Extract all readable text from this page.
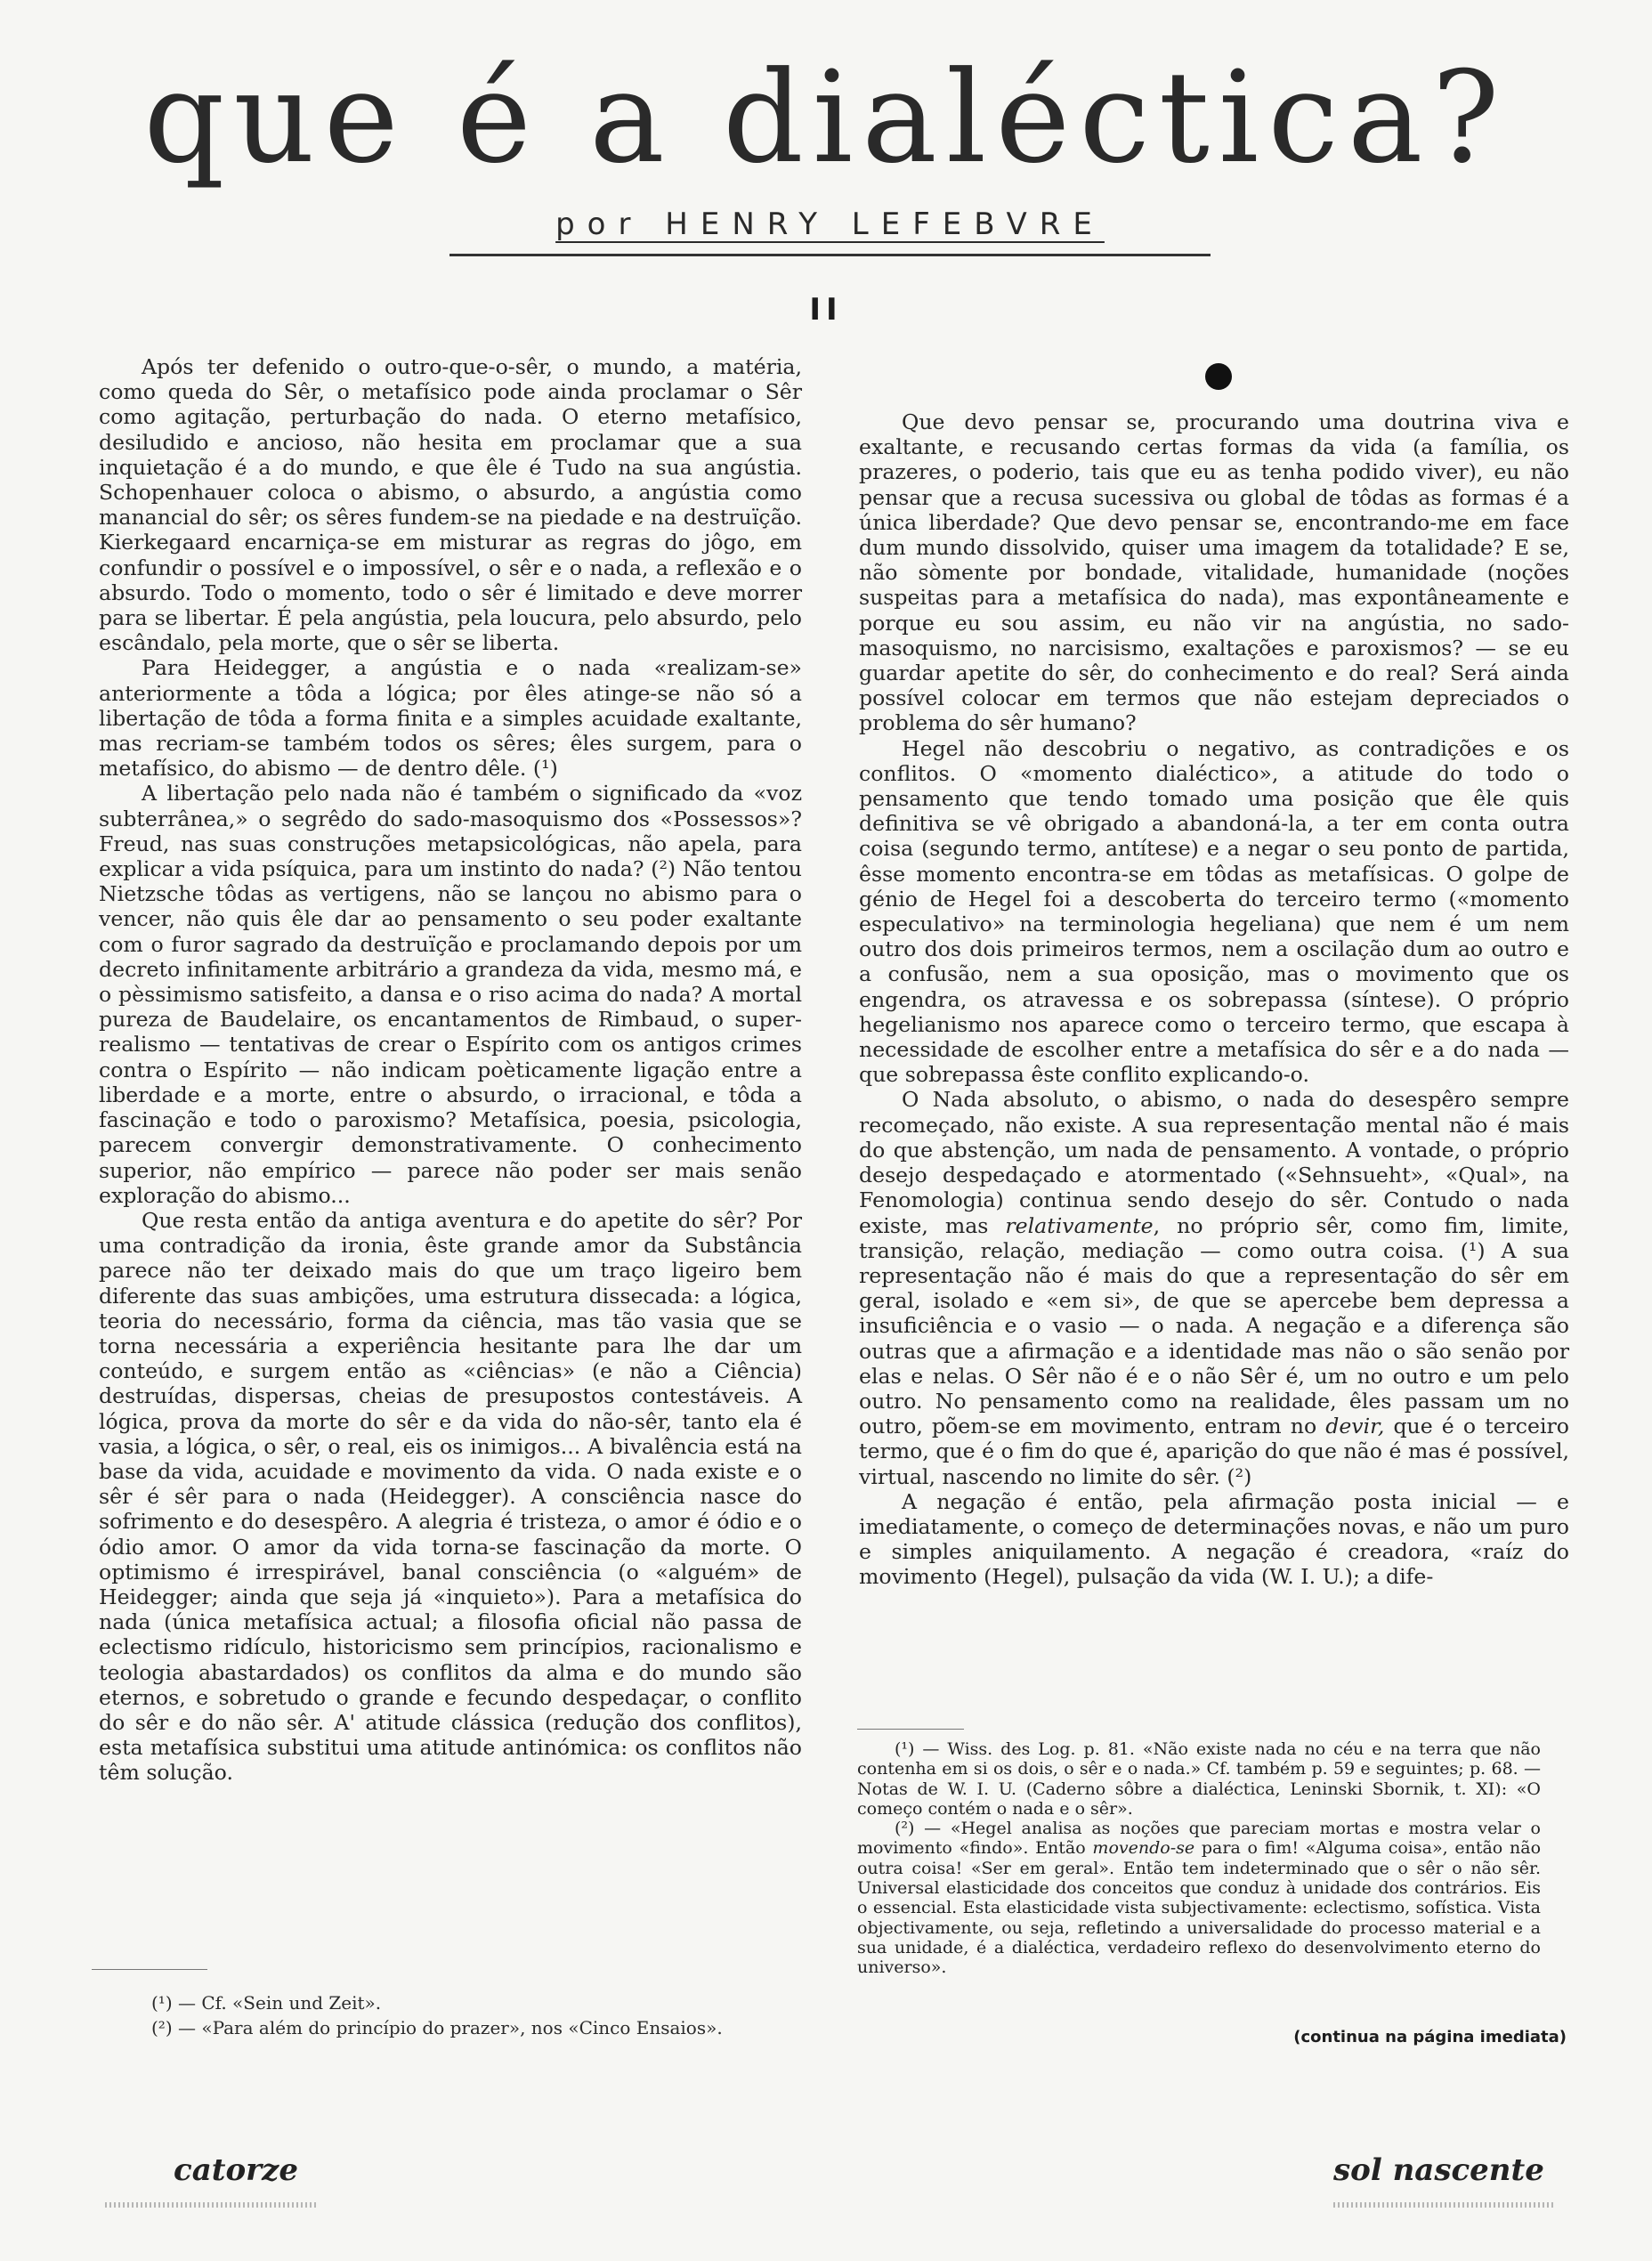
que é a dialéctica?
por HENRY LEFEBVRE
II

Após ter defenido o outro-que-o-sêr, o mundo, a matéria, como queda do Sêr, o metafísico pode ainda proclamar o Sêr como agitação, perturbação do nada. O eterno metafísico, desiludido e ancioso, não hesita em proclamar que a sua inquietação é a do mundo, e que êle é Tudo na sua angústia. Schopenhauer coloca o abismo, o absurdo, a angústia como manancial do sêr; os sêres fundem-se na piedade e na destruïção. Kierkegaard encarniça-se em misturar as regras do jôgo, em confundir o possível e o impossível, o sêr e o nada, a reflexão e o absurdo. Todo o momento, todo o sêr é limitado e deve morrer para se libertar. É pela angústia, pela loucura, pelo absurdo, pelo escândalo, pela morte, que o sêr se liberta.

Para Heidegger, a angústia e o nada «realizam-se» anteriormente a tôda a lógica; por êles atinge-se não só a libertação de tôda a forma finita e a simples acuidade exaltante, mas recriam-se também todos os sêres; êles surgem, para o metafísico, do abismo — de dentro dêle. (¹)

A libertação pelo nada não é também o significado da «voz subterrânea,» o segrêdo do sado-masoquismo dos «Possessos»? Freud, nas suas construções metapsicológicas, não apela, para explicar a vida psíquica, para um instinto do nada? (²) Não tentou Nietzsche tôdas as vertigens, não se lançou no abismo para o vencer, não quis êle dar ao pensamento o seu poder exaltante com o furor sagrado da destruïção e proclamando depois por um decreto infinitamente arbitrário a grandeza da vida, mesmo má, e o pèssimismo satisfeito, a dansa e o riso acima do nada? A mortal pureza de Baudelaire, os encantamentos de Rimbaud, o super-realismo — tentativas de crear o Espírito com os antigos crimes contra o Espírito — não indicam poèticamente ligação entre a liberdade e a morte, entre o absurdo, o irracional, e tôda a fascinação e todo o paroxismo? Metafísica, poesia, psicologia, parecem convergir demonstrativamente. O conhecimento superior, não empírico — parece não poder ser mais senão exploração do abismo...

Que resta então da antiga aventura e do apetite do sêr? Por uma contradição da ironia, êste grande amor da Substância parece não ter deixado mais do que um traço ligeiro bem diferente das suas ambições, uma estrutura dissecada: a lógica, teoria do necessário, forma da ciência, mas tão vasia que se torna necessária a experiência hesitante para lhe dar um conteúdo, e surgem então as «ciências» (e não a Ciência) destruídas, dispersas, cheias de presupostos contestáveis. A lógica, prova da morte do sêr e da vida do não-sêr, tanto ela é vasia, a lógica, o sêr, o real, eis os inimigos... A bivalência está na base da vida, acuidade e movimento da vida. O nada existe e o sêr é sêr para o nada (Heidegger). A consciência nasce do sofrimento e do desespêro. A alegria é tristeza, o amor é ódio e o ódio amor. O amor da vida torna-se fascinação da morte. O optimismo é irrespirável, banal consciência (o «alguém» de Heidegger; ainda que seja já «inquieto»). Para a metafísica do nada (única metafísica actual; a filosofia oficial não passa de eclectismo ridículo, historicismo sem princípios, racionalismo e teologia abastardados) os conflitos da alma e do mundo são eternos, e sobretudo o grande e fecundo despedaçar, o conflito do sêr e do não sêr. A' atitude clássica (redução dos conflitos), esta metafísica substitui uma atitude antinómica: os conflitos não têm solução.

Que devo pensar se, procurando uma doutrina viva e exaltante, e recusando certas formas da vida (a família, os prazeres, o poderio, tais que eu as tenha podido viver), eu não pensar que a recusa sucessiva ou global de tôdas as formas é a única liberdade? Que devo pensar se, encontrando-me em face dum mundo dissolvido, quiser uma imagem da totalidade? E se, não sòmente por bondade, vitalidade, humanidade (noções suspeitas para a metafísica do nada), mas expontâneamente e porque eu sou assim, eu não vir na angústia, no sado-masoquismo, no narcisismo, exaltações e paroxismos? — se eu guardar apetite do sêr, do conhecimento e do real? Será ainda possível colocar em termos que não estejam depreciados o problema do sêr humano?

Hegel não descobriu o negativo, as contradições e os conflitos. O «momento dialéctico», a atitude do todo o pensamento que tendo tomado uma posição que êle quis definitiva se vê obrigado a abandoná-la, a ter em conta outra coisa (segundo termo, antítese) e a negar o seu ponto de partida, êsse momento encontra-se em tôdas as metafísicas. O golpe de génio de Hegel foi a descoberta do terceiro termo («momento especulativo» na terminologia hegeliana) que nem é um nem outro dos dois primeiros termos, nem a oscilação dum ao outro e a confusão, nem a sua oposição, mas o movimento que os engendra, os atravessa e os sobrepassa (síntese). O próprio hegelianismo nos aparece como o terceiro termo, que escapa à necessidade de escolher entre a metafísica do sêr e a do nada — que sobrepassa êste conflito explicando-o.

O Nada absoluto, o abismo, o nada do desespêro sempre recomeçado, não existe. A sua representação mental não é mais do que abstenção, um nada de pensamento. A vontade, o próprio desejo despedaçado e atormentado («Sehnsueht», «Qual», na Fenomologia) continua sendo desejo do sêr. Contudo o nada existe, mas relativamente, no próprio sêr, como fim, limite, transição, relação, mediação — como outra coisa. (¹) A sua representação não é mais do que a representação do sêr em geral, isolado e «em si», de que se apercebe bem depressa a insuficiência e o vasio — o nada. A negação e a diferença são outras que a afirmação e a identidade mas não o são senão por elas e nelas. O Sêr não é e o não Sêr é, um no outro e um pelo outro. No pensamento como na realidade, êles passam um no outro, põem-se em movimento, entram no devir, que é o terceiro termo, que é o fim do que é, aparição do que não é mas é possível, virtual, nascendo no limite do sêr. (²)

A negação é então, pela afirmação posta inicial — e imediatamente, o começo de determinações novas, e não um puro e simples aniquilamento. A negação é creadora, «raíz do movimento (Hegel), pulsação da vida (W. I. U.); a dife-

(¹) — Cf. «Sein und Zeit».

(²) — «Para além do princípio do prazer», nos «Cinco Ensaios».

(¹) — Wiss. des Log. p. 81. «Não existe nada no céu e na terra que não contenha em si os dois, o sêr e o nada.» Cf. também p. 59 e seguintes; p. 68. — Notas de W. I. U. (Caderno sôbre a dialéctica, Leninski Sbornik, t. XI): «O começo contém o nada e o sêr».

(²) — «Hegel analisa as noções que pareciam mortas e mostra velar o movimento «findo». Então movendo-se para o fim! «Alguma coisa», então não outra coisa! «Ser em geral». Então tem indeterminado que o sêr o não sêr. Universal elasticidade dos conceitos que conduz à unidade dos contrários. Eis o essencial. Esta elasticidade vista subjectivamente: eclectismo, sofística. Vista objectivamente, ou seja, refletindo a universalidade do processo material e a sua unidade, é a dialéctica, verdadeiro reflexo do desenvolvimento eterno do universo».

(continua na página imediata)
catorze	sol nascente
